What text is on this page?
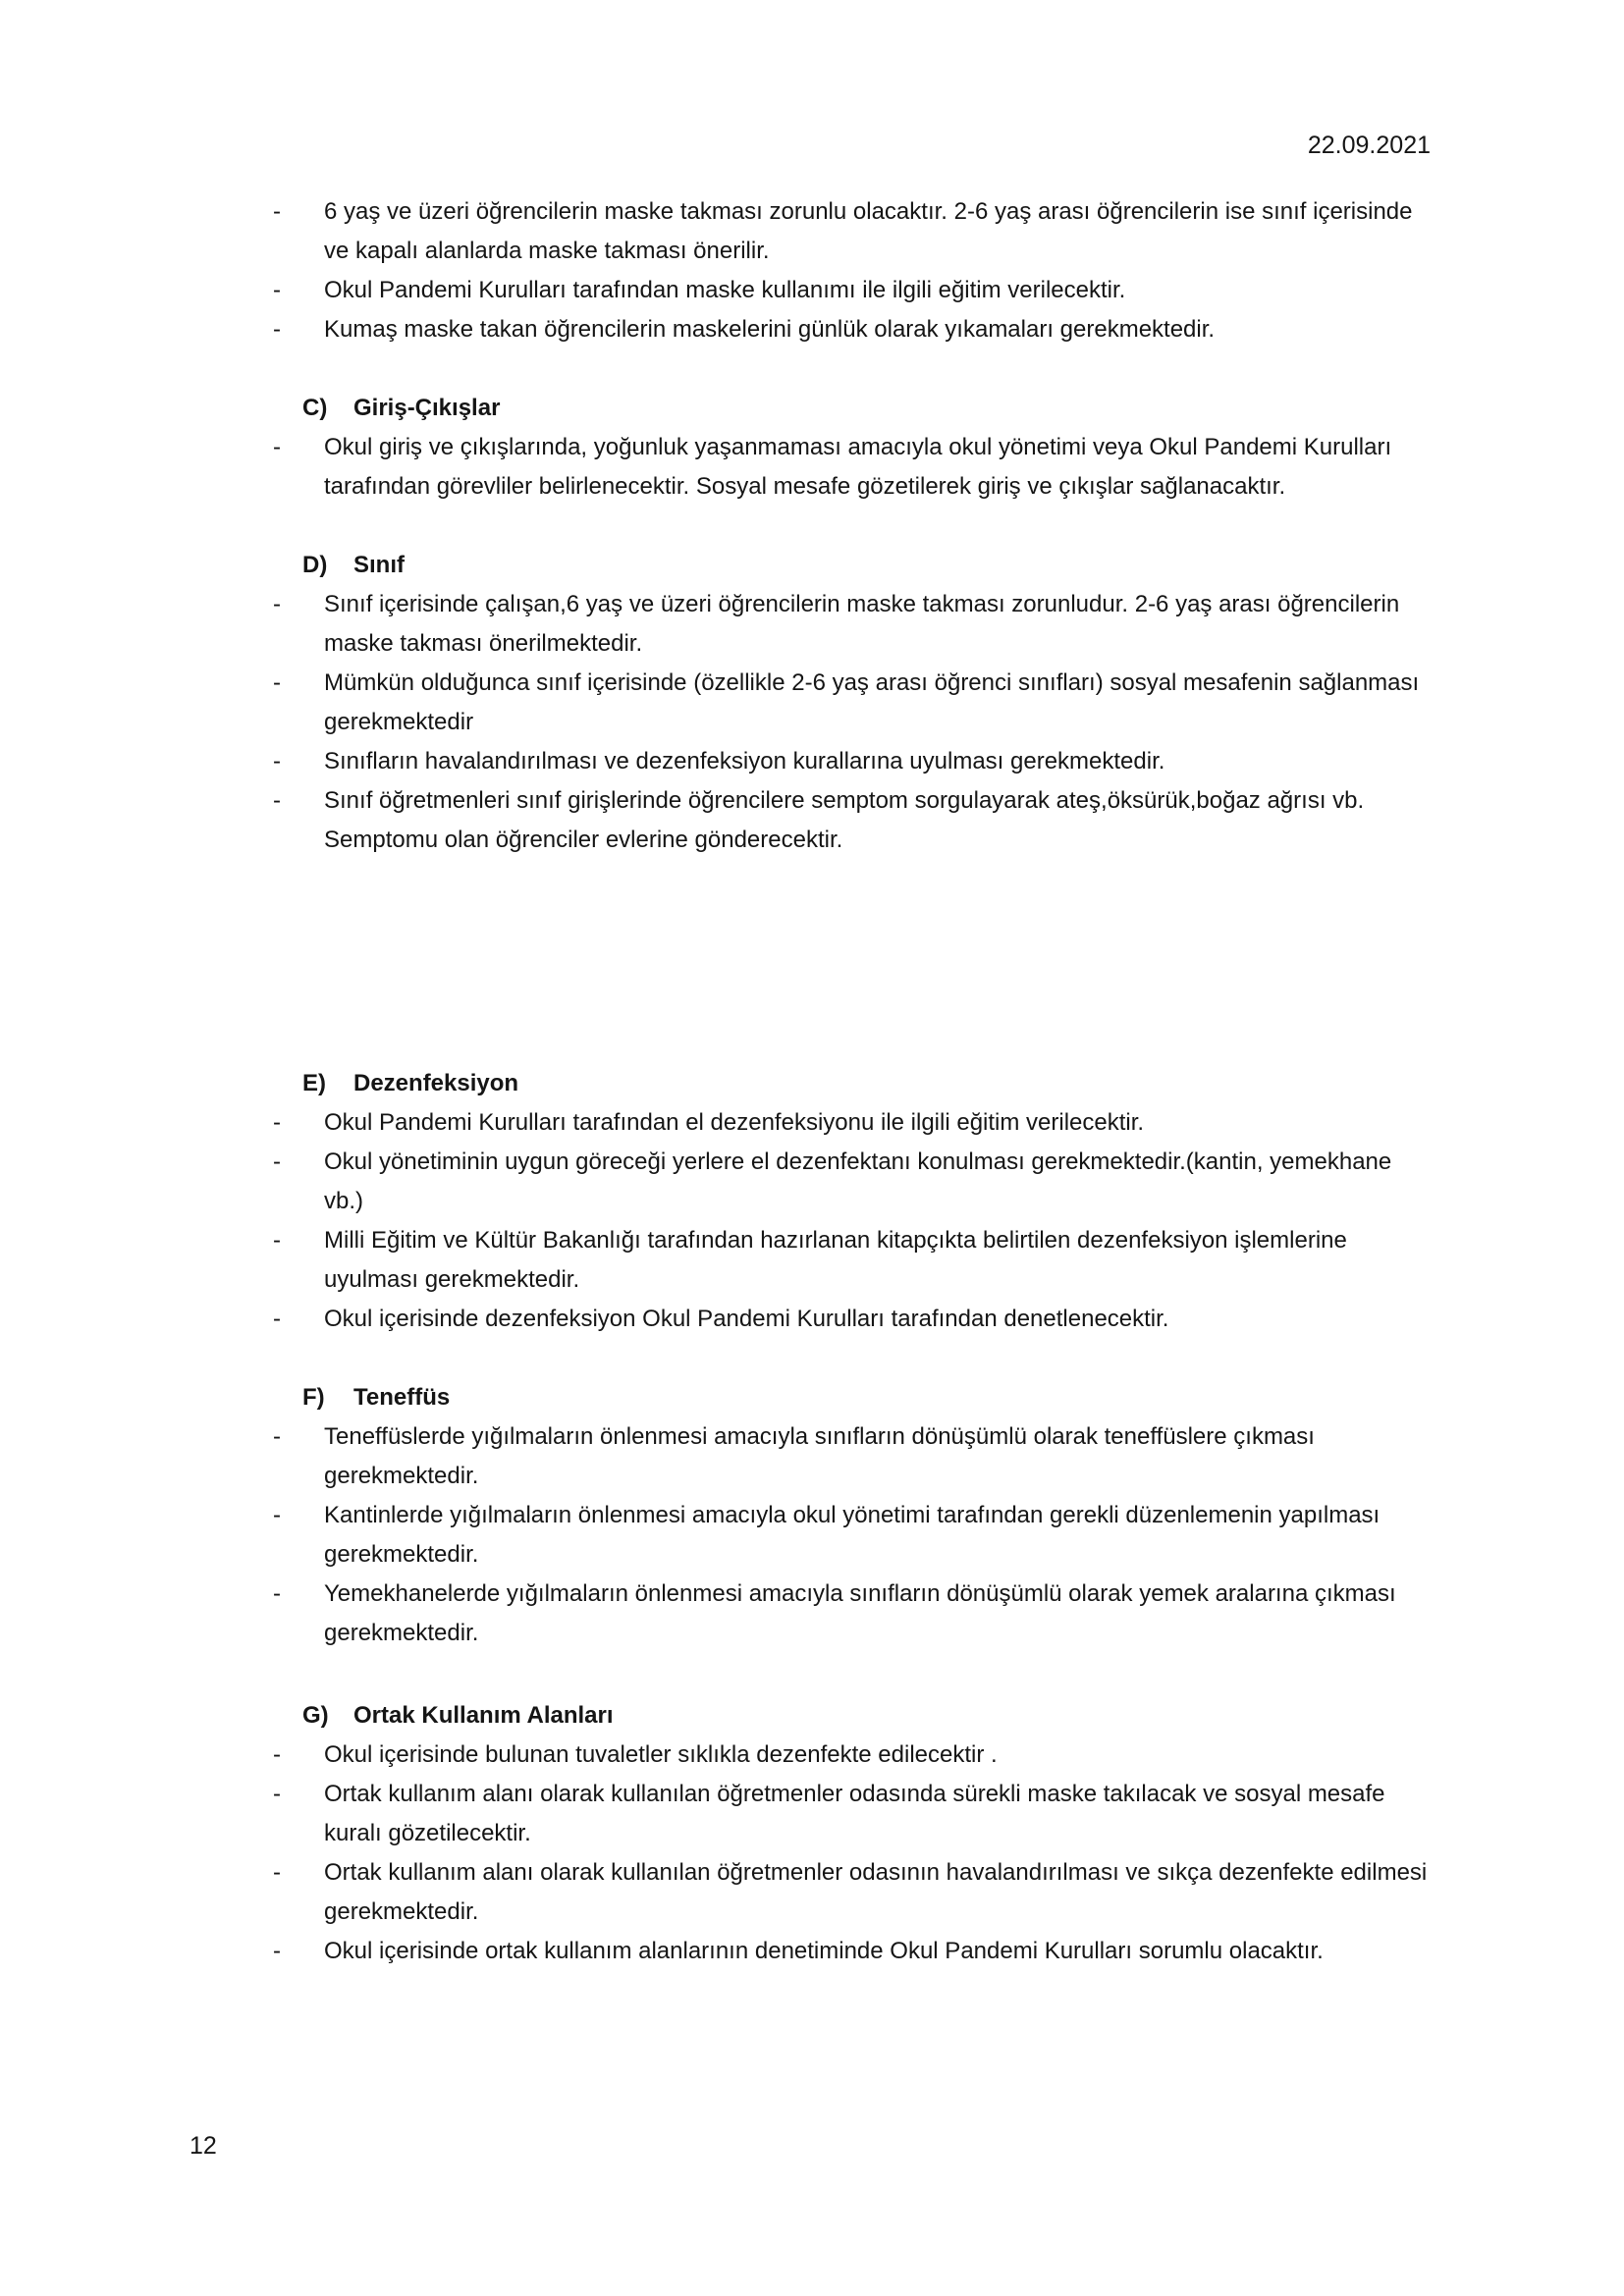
22.09.2021
-	6 yaş ve üzeri öğrencilerin maske takması zorunlu olacaktır. 2-6 yaş arası öğrencilerin ise sınıf içerisinde ve kapalı alanlarda maske takması önerilir.
-	Okul Pandemi Kurulları tarafından maske kullanımı ile ilgili eğitim verilecektir.
-	Kumaş maske takan öğrencilerin maskelerini günlük olarak yıkamaları gerekmektedir.
C) Giriş-Çıkışlar
-	Okul giriş ve çıkışlarında, yoğunluk yaşanmaması amacıyla okul yönetimi veya Okul Pandemi Kurulları tarafından görevliler belirlenecektir. Sosyal mesafe gözetilerek giriş ve çıkışlar sağlanacaktır.
D) Sınıf
-	Sınıf içerisinde çalışan,6 yaş ve üzeri öğrencilerin maske takması zorunludur. 2-6 yaş arası öğrencilerin maske takması önerilmektedir.
-	Mümkün olduğunca sınıf içerisinde (özellikle 2-6 yaş arası öğrenci sınıfları) sosyal mesafenin sağlanması gerekmektedir
-	Sınıfların havalandırılması ve dezenfeksiyon kurallarına uyulması gerekmektedir.
-	Sınıf öğretmenleri sınıf girişlerinde öğrencilere semptom sorgulayarak ateş,öksürük,boğaz ağrısı vb. Semptomu olan öğrenciler evlerine gönderecektir.
E) Dezenfeksiyon
-	Okul Pandemi Kurulları tarafından el dezenfeksiyonu ile ilgili eğitim verilecektir.
-	Okul yönetiminin uygun göreceği yerlere el dezenfektanı konulması gerekmektedir.(kantin, yemekhane vb.)
-	Milli Eğitim ve Kültür Bakanlığı tarafından hazırlanan kitapçıkta belirtilen dezenfeksiyon işlemlerine uyulması gerekmektedir.
-	Okul içerisinde dezenfeksiyon Okul Pandemi Kurulları tarafından denetlenecektir.
F) Teneffüs
-	Teneffüslerde yığılmaların önlenmesi amacıyla sınıfların dönüşümlü olarak teneffüslere çıkması gerekmektedir.
-	Kantinlerde yığılmaların önlenmesi amacıyla okul yönetimi tarafından gerekli düzenlemenin yapılması gerekmektedir.
-	Yemekhanelerde yığılmaların önlenmesi amacıyla sınıfların dönüşümlü olarak yemek aralarına çıkması gerekmektedir.
G) Ortak Kullanım Alanları
-	Okul içerisinde bulunan tuvaletler sıklıkla dezenfekte edilecektir .
-	Ortak kullanım alanı olarak kullanılan öğretmenler odasında sürekli maske takılacak ve sosyal mesafe kuralı gözetilecektir.
-	Ortak kullanım alanı olarak kullanılan öğretmenler odasının havalandırılması ve sıkça dezenfekte edilmesi gerekmektedir.
-	Okul içerisinde ortak kullanım alanlarının denetiminde Okul Pandemi Kurulları sorumlu olacaktır.
12
